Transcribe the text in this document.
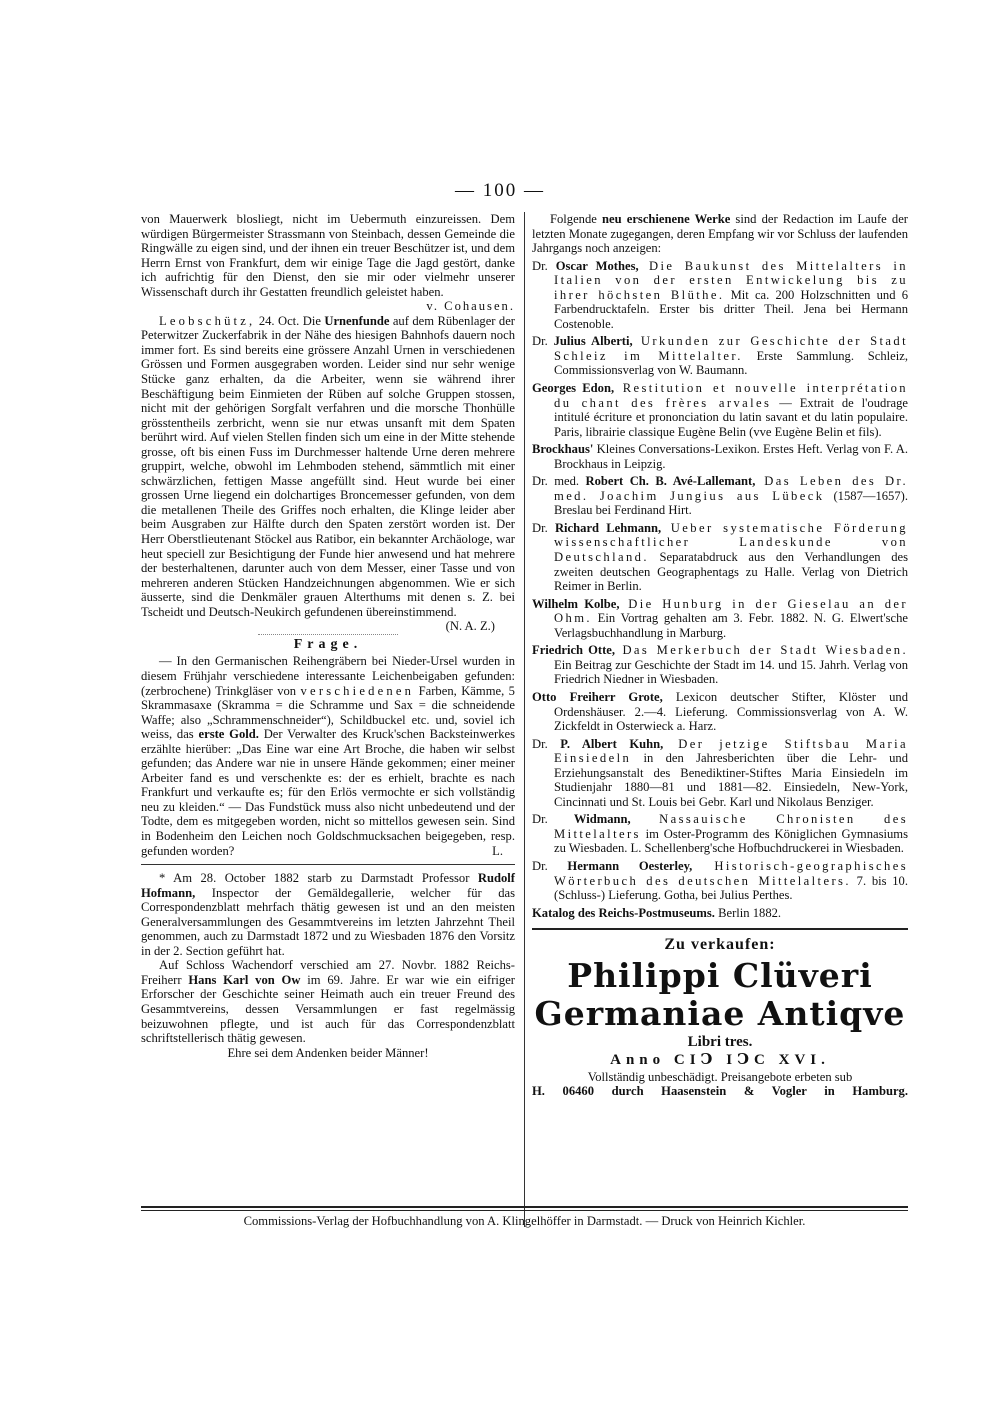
— 100 —

von Mauerwerk blosliegt, nicht im Uebermuth einzureissen. Dem würdigen Bürgermeister Strassmann von Steinbach, dessen Gemeinde die Ringwälle zu eigen sind, und der ihnen ein treuer Beschützer ist, und dem Herrn Ernst von Frankfurt, dem wir einige Tage die Jagd gestört, danke ich aufrichtig für den Dienst, den sie mir oder vielmehr unserer Wissenschaft durch ihr Gestatten freundlich geleistet haben.
v. Cohausen.

Leobschütz, 24. Oct. Die Urnenfunde auf dem Rübenlager der Peterwitzer Zuckerfabrik in der Nähe des hiesigen Bahnhofs dauern noch immer fort. Es sind bereits eine grössere Anzahl Urnen in verschiedenen Grössen und Formen ausgegraben worden. Leider sind nur sehr wenige Stücke ganz erhalten, da die Arbeiter, wenn sie während ihrer Beschäftigung beim Einmieten der Rüben auf solche Gruppen stossen, nicht mit der gehörigen Sorgfalt verfahren und die morsche Thonhülle grösstentheils zerbricht, wenn sie nur etwas unsanft mit dem Spaten berührt wird. Auf vielen Stellen finden sich um eine in der Mitte stehende grosse, oft bis einen Fuss im Durchmesser haltende Urne deren mehrere gruppirt, welche, obwohl im Lehmboden stehend, sämmtlich mit einer schwärzlichen, fettigen Masse angefüllt sind. Heut wurde bei einer grossen Urne liegend ein dolchartiges Broncemesser gefunden, von dem die metallenen Theile des Griffes noch erhalten, die Klinge leider aber beim Ausgraben zur Hälfte durch den Spaten zerstört worden ist. Der Herr Oberstlieutenant Stöckel aus Ratibor, ein bekannter Archäologe, war heut speciell zur Besichtigung der Funde hier anwesend und hat mehrere der besterhaltenen, darunter auch von dem Messer, einer Tasse und von mehreren anderen Stücken Handzeichnungen abgenommen. Wie er sich äusserte, sind die Denkmäler grauen Alterthums mit denen s. Z. bei Tscheidt und Deutsch-Neukirch gefundenen übereinstimmend.
(N. A. Z.)

Frage.

— In den Germanischen Reihengräbern bei Nieder-Ursel wurden in diesem Frühjahr verschiedene interessante Leichenbeigaben gefunden: (zerbrochene) Trinkgläser von verschiedenen Farben, Kämme, 5 Skrammasaxe (Skramma = die Schramme und Sax = die schneidende Waffe; also „Schrammenschneider“), Schildbuckel etc. und, soviel ich weiss, das erste Gold. Der Verwalter des Kruck'schen Backsteinwerkes erzählte hierüber: „Das Eine war eine Art Broche, die haben wir selbst gefunden; das Andere war nie in unsere Hände gekommen; einer meiner Arbeiter fand es und verschenkte es: der es erhielt, brachte es nach Frankfurt und verkaufte es; für den Erlös vermochte er sich vollständig neu zu kleiden.“ — Das Fundstück muss also nicht unbedeutend und der Todte, dem es mitgegeben worden, nicht so mittellos gewesen sein. Sind in Bodenheim den Leichen noch Goldschmucksachen beigegeben, resp. gefunden worden?	L.

* Am 28. October 1882 starb zu Darmstadt Professor Rudolf Hofmann, Inspector der Gemäldegallerie, welcher für das Correspondenzblatt mehrfach thätig gewesen ist und an den meisten Generalversammlungen des Gesammtvereins im letzten Jahrzehnt Theil genommen, auch zu Darmstadt 1872 und zu Wiesbaden 1876 den Vorsitz in der 2. Section geführt hat.

Auf Schloss Wachendorf verschied am 27. Novbr. 1882 Reichs-Freiherr Hans Karl von Ow im 69. Jahre. Er war wie ein eifriger Erforscher der Geschichte seiner Heimath auch ein treuer Freund des Gesammtvereins, dessen Versammlungen er fast regelmässig beizuwohnen pflegte, und ist auch für das Correspondenzblatt schriftstellerisch thätig gewesen.

Ehre sei dem Andenken beider Männer!

Folgende neu erschienene Werke sind der Redaction im Laufe der letzten Monate zugegangen, deren Empfang wir vor Schluss der laufenden Jahrgangs noch anzeigen:

Dr. Oscar Mothes, Die Baukunst des Mittelalters in Italien von der ersten Entwickelung bis zu ihrer höchsten Blüthe. Mit ca. 200 Holzschnitten und 6 Farbendrucktafeln. Erster bis dritter Theil. Jena bei Hermann Costenoble.

Dr. Julius Alberti, Urkunden zur Geschichte der Stadt Schleiz im Mittelalter. Erste Sammlung. Schleiz, Commissionsverlag von W. Baumann.

Georges Edon, Restitution et nouvelle interprétation du chant des frères arvales — Extrait de l'oudrage intitulé écriture et prononciation du latin savant et du latin populaire. Paris, librairie classique Eugène Belin (vve Eugène Belin et fils).

Brockhaus' Kleines Conversations-Lexikon. Erstes Heft. Verlag von F. A. Brockhaus in Leipzig.

Dr. med. Robert Ch. B. Avé-Lallemant, Das Leben des Dr. med. Joachim Jungius aus Lübeck (1587—1657). Breslau bei Ferdinand Hirt.

Dr. Richard Lehmann, Ueber systematische Förderung wissenschaftlicher Landeskunde von Deutschland. Separatabdruck aus den Verhandlungen des zweiten deutschen Geographentags zu Halle. Verlag von Dietrich Reimer in Berlin.

Wilhelm Kolbe, Die Hunburg in der Gieselau an der Ohm. Ein Vortrag gehalten am 3. Febr. 1882. N. G. Elwert'sche Verlagsbuchhandlung in Marburg.

Friedrich Otte, Das Merkerbuch der Stadt Wiesbaden. Ein Beitrag zur Geschichte der Stadt im 14. und 15. Jahrh. Verlag von Friedrich Niedner in Wiesbaden.

Otto Freiherr Grote, Lexicon deutscher Stifter, Klöster und Ordenshäuser. 2.—4. Lieferung. Commissionsverlag von A. W. Zickfeldt in Osterwieck a. Harz.

Dr. P. Albert Kuhn, Der jetzige Stiftsbau Maria Einsiedeln in den Jahresberichten über die Lehr- und Erziehungsanstalt des Benediktiner-Stiftes Maria Einsiedeln im Studienjahr 1880—81 und 1881—82. Einsiedeln, New-York, Cincinnati und St. Louis bei Gebr. Karl und Nikolaus Benziger.

Dr. Widmann, Nassauische Chronisten des Mittelalters im Oster-Programm des Königlichen Gymnasiums zu Wiesbaden. L. Schellenberg'sche Hofbuchdruckerei in Wiesbaden.

Dr. Hermann Oesterley, Historisch-geographisches Wörterbuch des deutschen Mittelalters. 7. bis 10. (Schluss-) Lieferung. Gotha, bei Julius Perthes.

Katalog des Reichs-Postmuseums. Berlin 1882.

Zu verkaufen:
Philippi Clüveri
Germaniae Antiqve
Libri tres.
Anno CIↃ IↃC XVI.
Vollständig unbeschädigt. Preisangebote erbeten sub
H. 06460 durch Haasenstein & Vogler in Hamburg.
Commissions-Verlag der Hofbuchhandlung von A. Klingelhöffer in Darmstadt. — Druck von Heinrich Kichler.
